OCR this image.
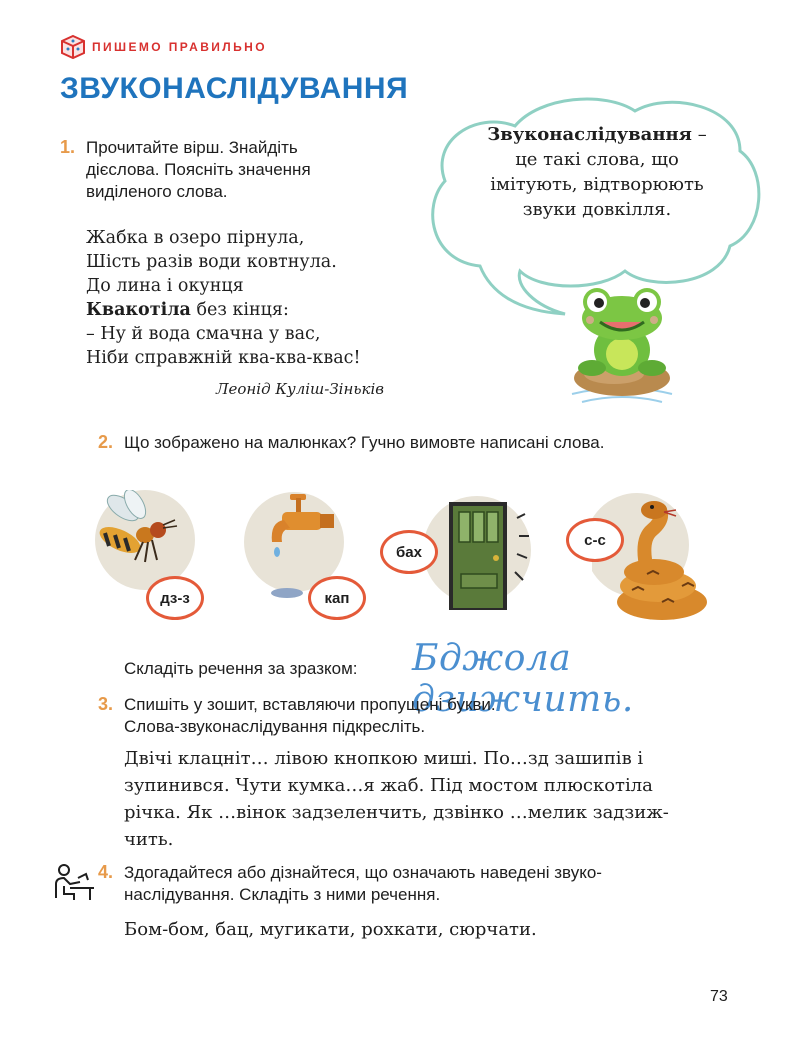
ПИШЕМО ПРАВИЛЬНО
ЗВУКОНАСЛІДУВАННЯ
1. Прочитайте вірш. Знайдіть
дієслова. Поясніть значення
виділеного слова.
Жабка в озеро пірнула,
Шість разів води ковтнула.
До лина і окунця
Квакотіла без кінця:
– Ну й вода смачна у вас,
Ніби справжній ква-ква-квас!
Леонід Куліш-Зіньків
Звуконаслідування –
це такі слова, що
імітують, відтворюють
звуки довкілля.
2. Що зображено на малюнках? Гучно вимовте написані слова.
дз-з	кап
бах
с-с
Складіть речення за зразком: Бджола дзижчить.
3. Спишіть у зошит, вставляючи пропущені букви.
Слова-звуконаслідування підкресліть.
Двічі клацніт… лівою кнопкою миші. По…зд зашипів і
зупинився. Чути кумка…я жаб. Під мостом плюскотіла
річка. Як …вінок задзеленчить, дзвінко …мелик задзиж-
чить.
4. Здогадайтеся або дізнайтеся, що означають наведені звуко-
наслідування. Складіть з ними речення.
Бом-бом, бац, мугикати, рохкати, сюрчати.
73
